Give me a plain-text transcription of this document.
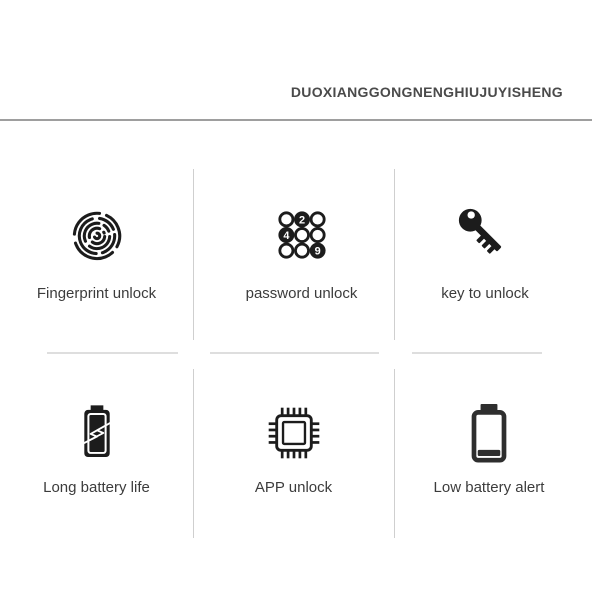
DUOXIANGGONGNENGHIUJUYISHENG
Fingerprint unlock
2
4
9
password unlock	key to unlock
Long battery life	APP unlock	Low battery alert
